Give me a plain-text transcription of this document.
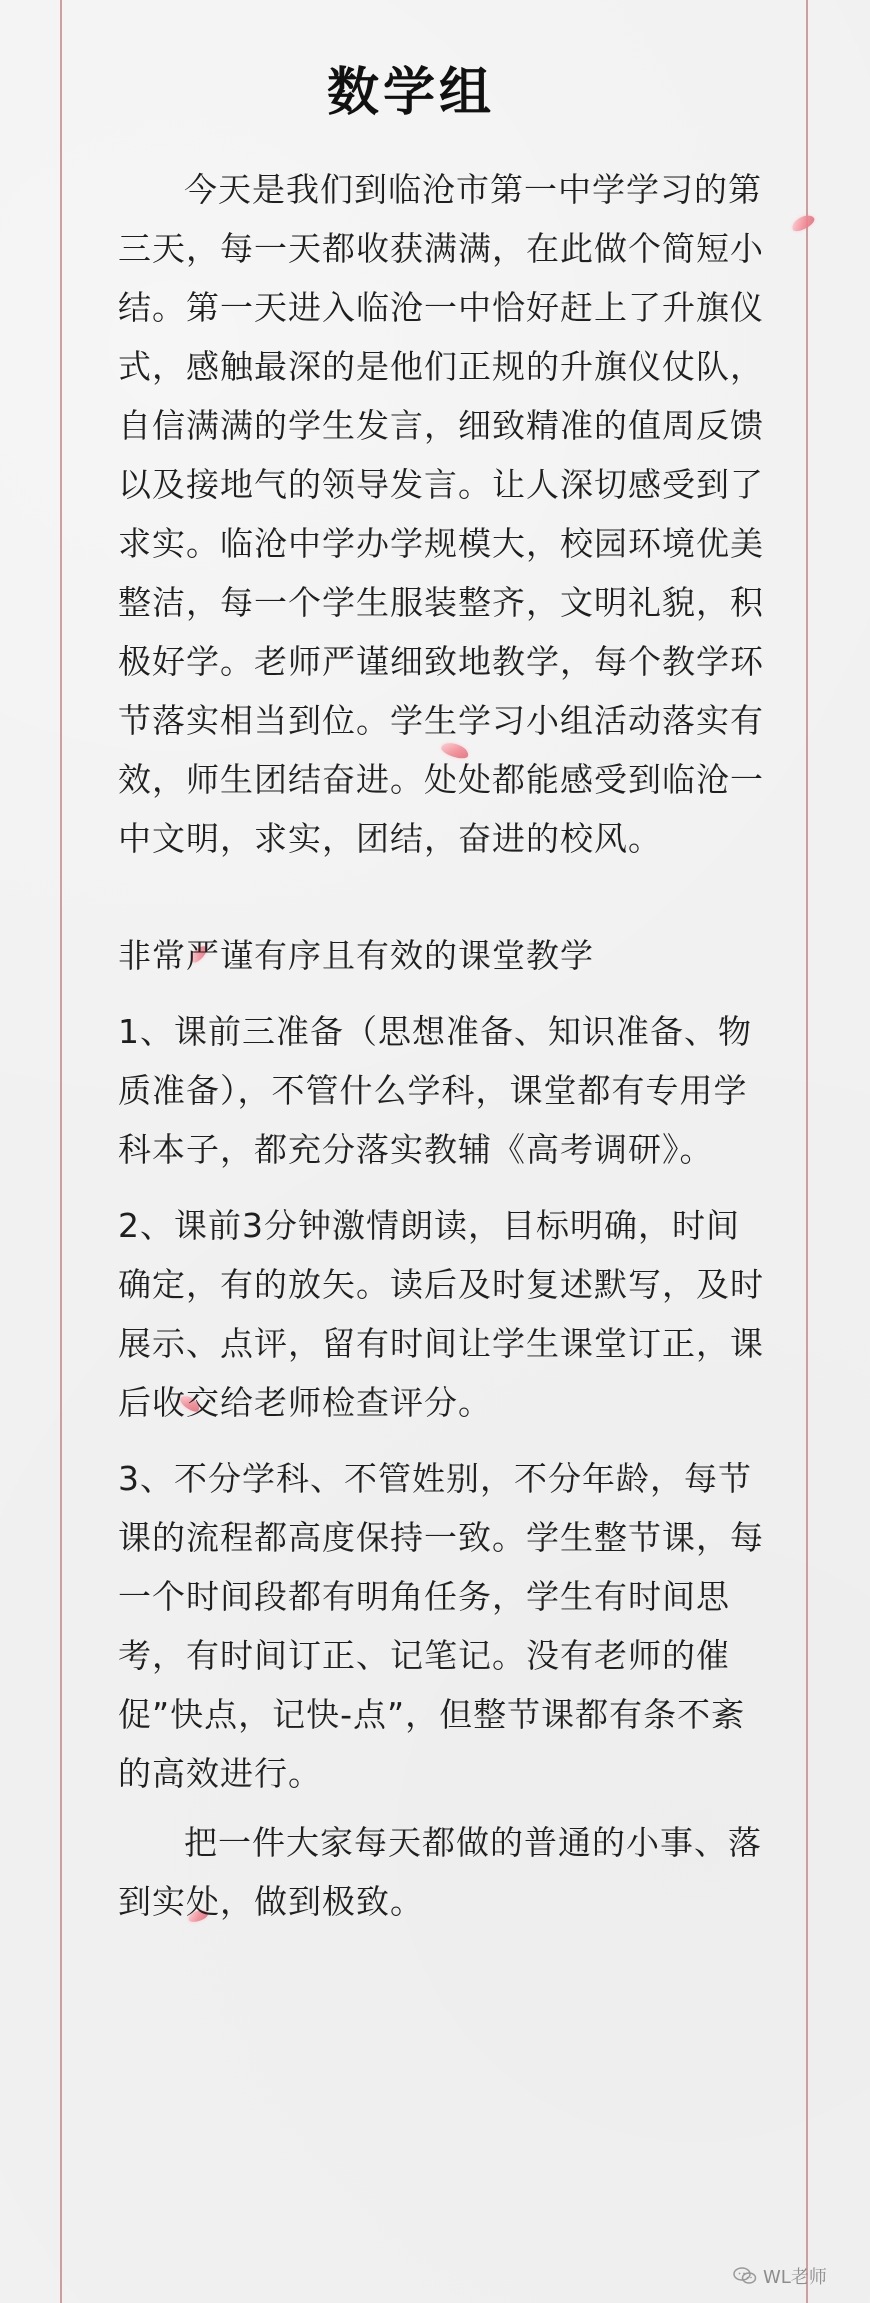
数学组

今天是我们到临沧市第一中学学习的第三天，每一天都收获满满，在此做个简短小结。第一天进入临沧一中恰好赶上了升旗仪式，感触最深的是他们正规的升旗仪仗队，自信满满的学生发言，细致精准的值周反馈以及接地气的领导发言。让人深切感受到了求实。临沧中学办学规模大，校园环境优美整洁，每一个学生服装整齐，文明礼貌，积极好学。老师严谨细致地教学，每个教学环节落实相当到位。学生学习小组活动落实有效，师生团结奋进。处处都能感受到临沧一中文明，求实，团结，奋进的校风。

非常严谨有序且有效的课堂教学

1、课前三准备（思想准备、知识准备、物质准备），不管什么学科，课堂都有专用学科本子，都充分落实教辅《高考调研》。

2、课前3分钟激情朗读，目标明确，时间确定，有的放矢。读后及时复述默写，及时展示、点评，留有时间让学生课堂订正，课后收交给老师检查评分。

3、不分学科、不管姓别，不分年龄，每节课的流程都高度保持一致。学生整节课，每一个时间段都有明角任务，学生有时间思考，有时间订正、记笔记。没有老师的催促”快点，记快-点”，但整节课都有条不紊的高效进行。

把一件大家每天都做的普通的小事、落到实处，做到极致。

WL老师
